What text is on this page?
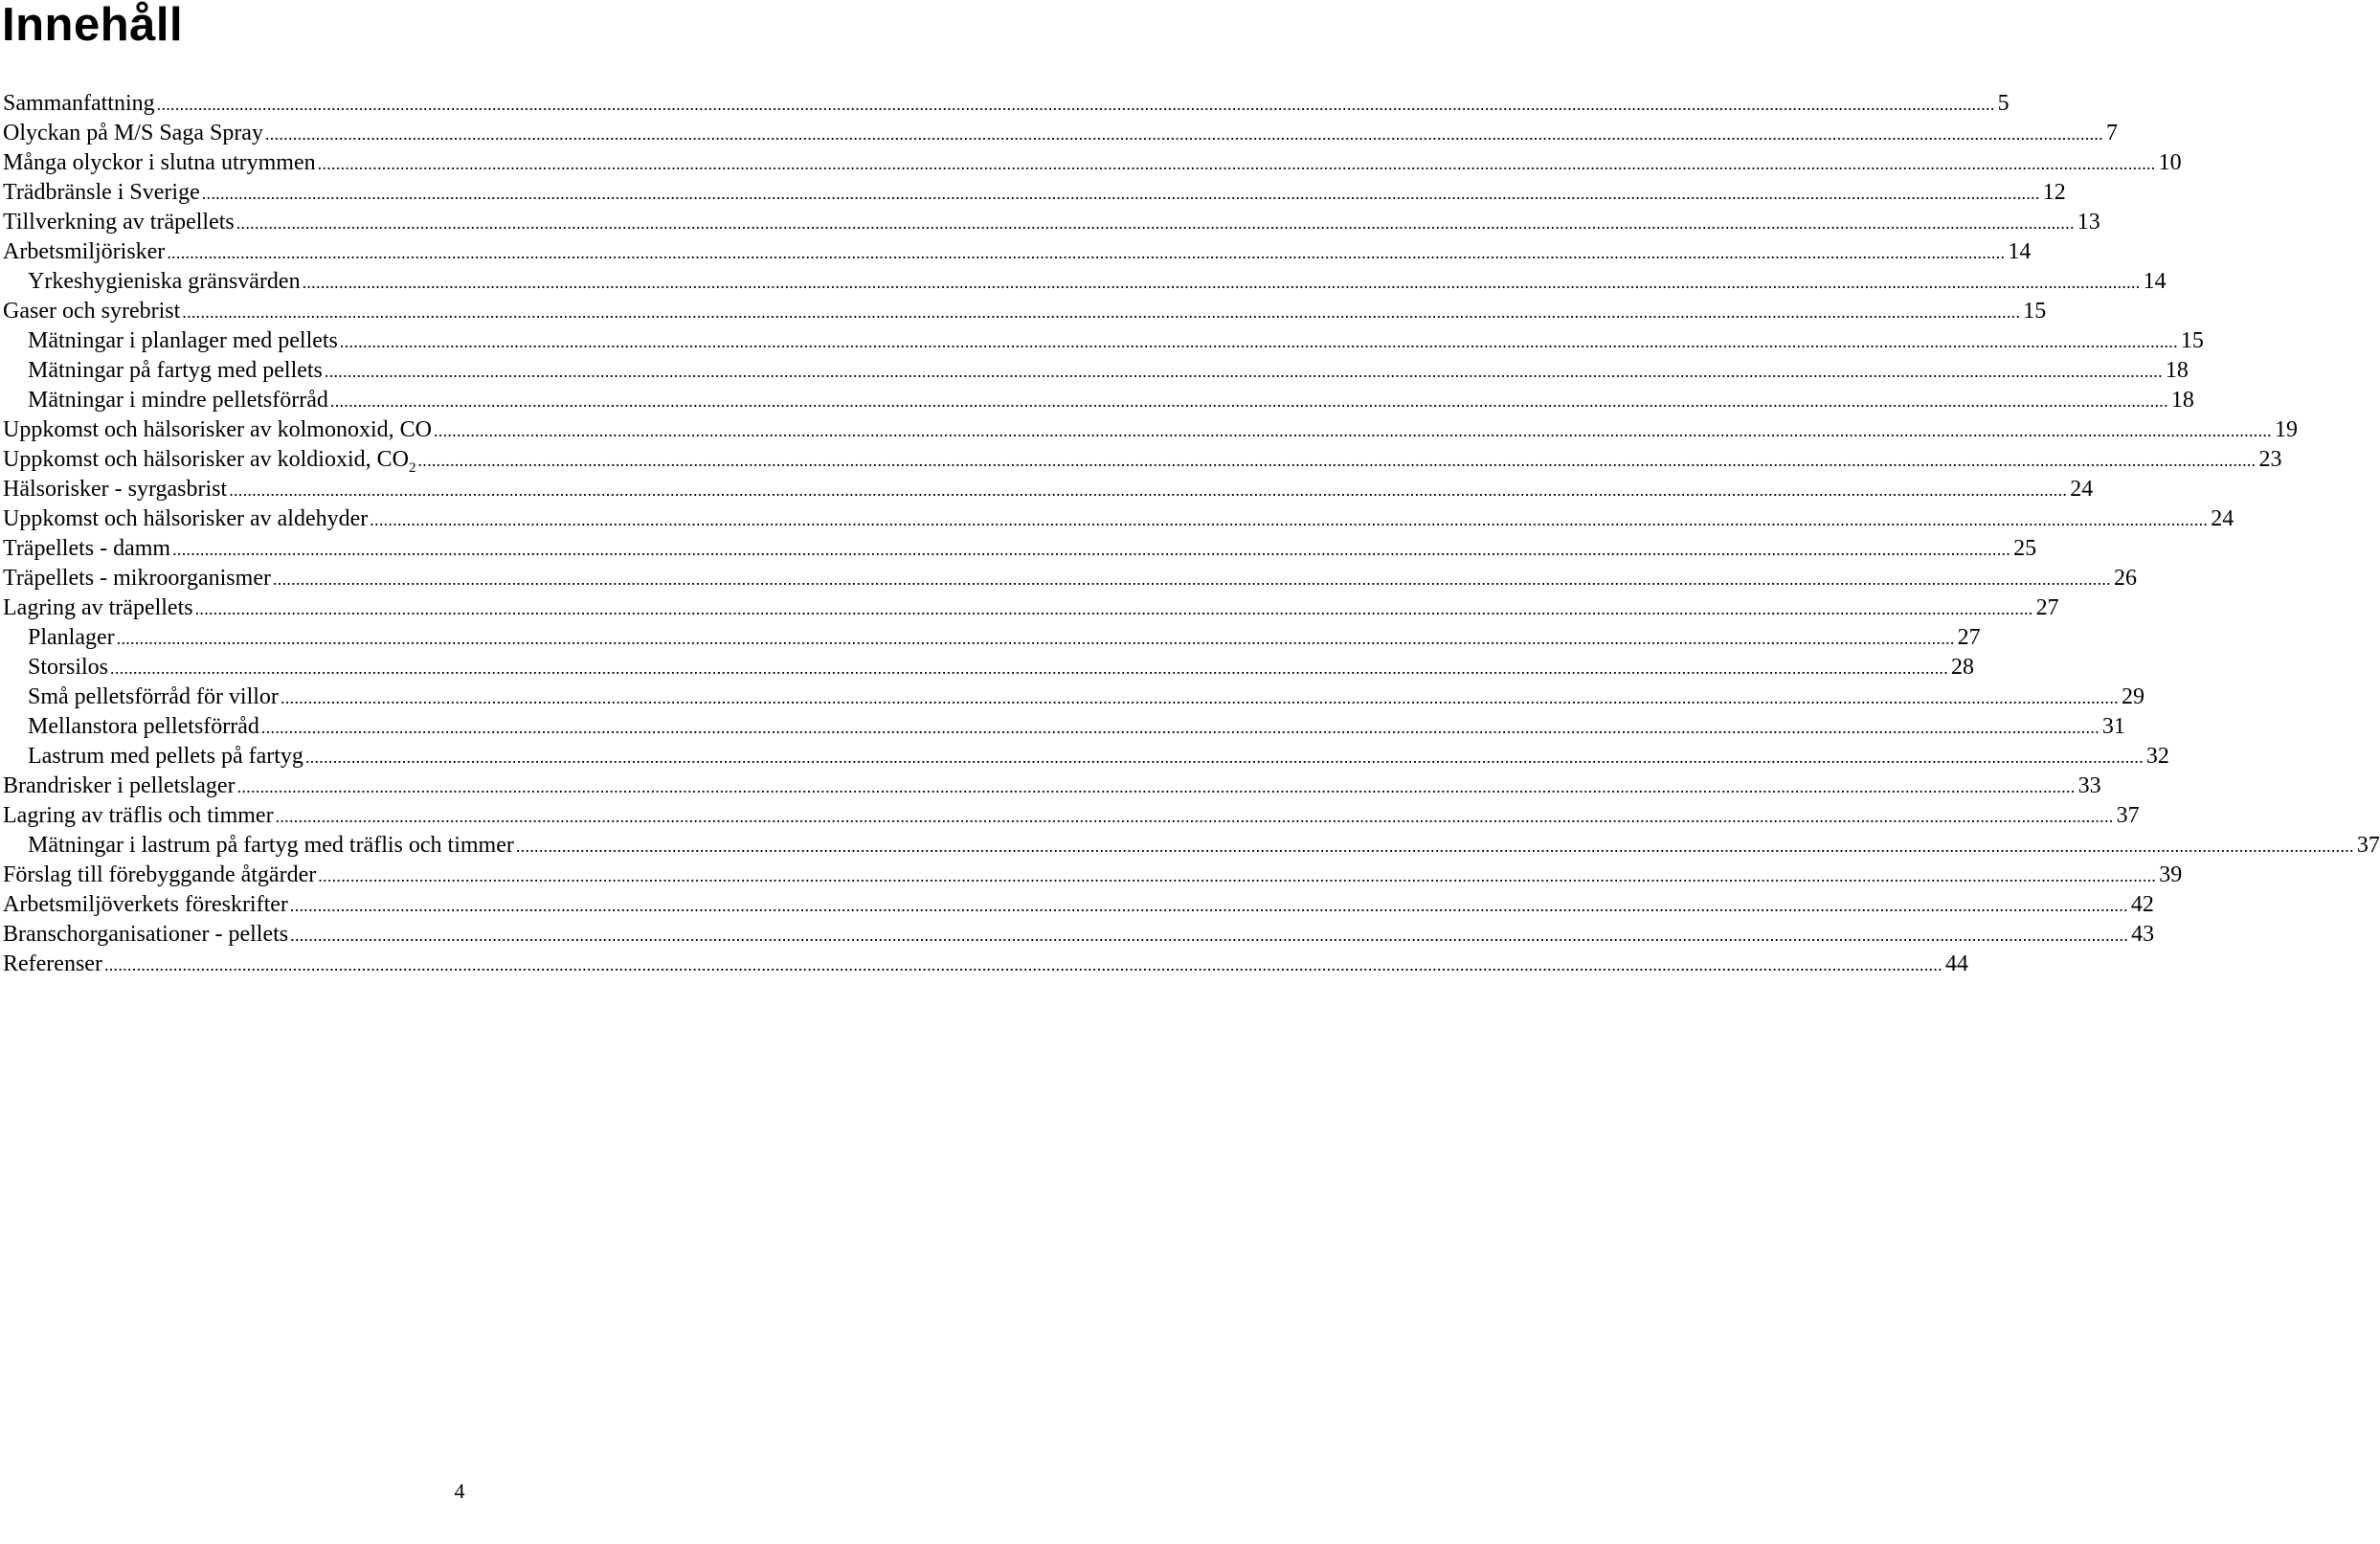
Innehåll
Sammanfattning ................................................................................................................................................................................................................................................................................................................................................................................................................ 5
Olyckan på M/S Saga Spray ................................................................................................................................................................................................................................................................................................................................................................................................................ 7
Många olyckor i slutna utrymmen ................................................................................................................................................................................................................................................................................................................................................................................................................ 10
Trädbränsle i Sverige ................................................................................................................................................................................................................................................................................................................................................................................................................ 12
Tillverkning av träpellets ................................................................................................................................................................................................................................................................................................................................................................................................................ 13
Arbetsmiljörisker ................................................................................................................................................................................................................................................................................................................................................................................................................ 14
Yrkeshygieniska gränsvärden ................................................................................................................................................................................................................................................................................................................................................................................................................ 14
Gaser och syrebrist ................................................................................................................................................................................................................................................................................................................................................................................................................ 15
Mätningar i planlager med pellets ................................................................................................................................................................................................................................................................................................................................................................................................................ 15
Mätningar på fartyg med pellets ................................................................................................................................................................................................................................................................................................................................................................................................................ 18
Mätningar i mindre pelletsförråd ................................................................................................................................................................................................................................................................................................................................................................................................................ 18
Uppkomst och hälsorisker av kolmonoxid, CO ................................................................................................................................................................................................................................................................................................................................................................................................................ 19
Uppkomst och hälsorisker av koldioxid, CO $_2$ ................................................................................................................................................................................................................................................................................................................................................................................................................ 23
Hälsorisker - syrgasbrist ................................................................................................................................................................................................................................................................................................................................................................................................................ 24
Uppkomst och hälsorisker av aldehyder ................................................................................................................................................................................................................................................................................................................................................................................................................ 24
Träpellets - damm ................................................................................................................................................................................................................................................................................................................................................................................................................ 25
Träpellets - mikroorganismer ................................................................................................................................................................................................................................................................................................................................................................................................................ 26
Lagring av träpellets ................................................................................................................................................................................................................................................................................................................................................................................................................ 27
Planlager ................................................................................................................................................................................................................................................................................................................................................................................................................ 27
Storsilos ................................................................................................................................................................................................................................................................................................................................................................................................................ 28
Små pelletsförråd för villor ................................................................................................................................................................................................................................................................................................................................................................................................................ 29
Mellanstora pelletsförråd ................................................................................................................................................................................................................................................................................................................................................................................................................ 31
Lastrum med pellets på fartyg ................................................................................................................................................................................................................................................................................................................................................................................................................ 32
Brandrisker i pelletslager ................................................................................................................................................................................................................................................................................................................................................................................................................ 33
Lagring av träflis och timmer ................................................................................................................................................................................................................................................................................................................................................................................................................ 37
Mätningar i lastrum på fartyg med träflis och timmer ................................................................................................................................................................................................................................................................................................................................................................................................................ 37
Förslag till förebyggande åtgärder ................................................................................................................................................................................................................................................................................................................................................................................................................ 39
Arbetsmiljöverkets föreskrifter ................................................................................................................................................................................................................................................................................................................................................................................................................ 42
Branschorganisationer - pellets ................................................................................................................................................................................................................................................................................................................................................................................................................ 43
Referenser ................................................................................................................................................................................................................................................................................................................................................................................................................ 44
4
